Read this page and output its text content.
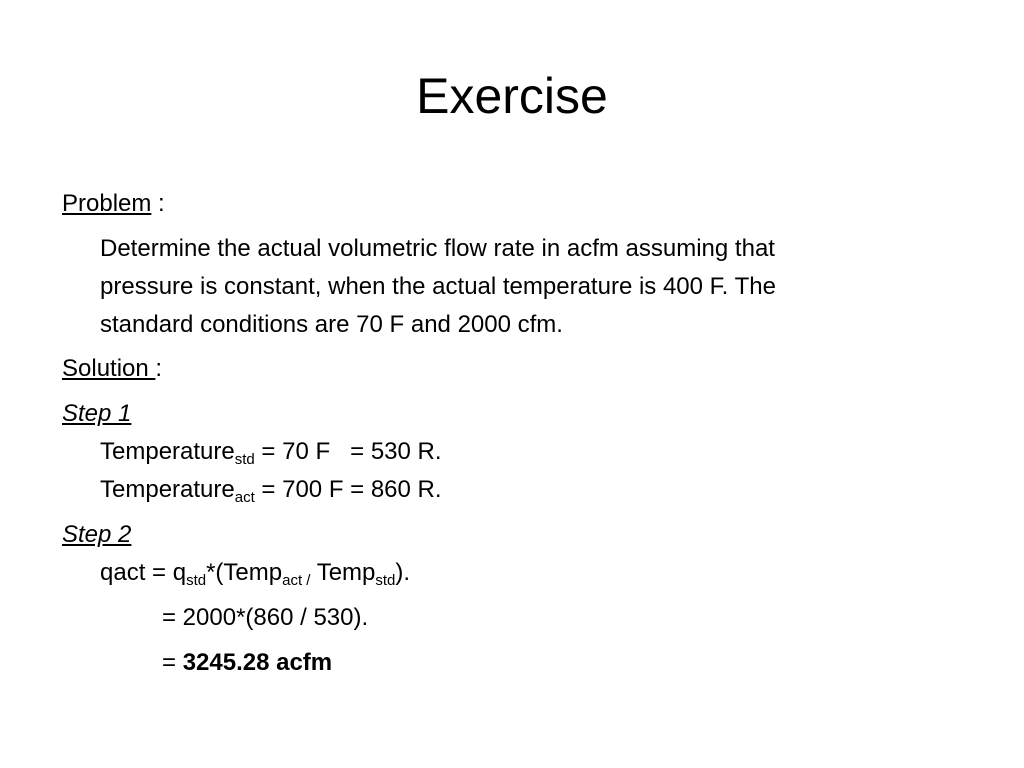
Exercise
Problem :
Determine the actual volumetric flow rate in acfm assuming that
pressure is constant, when the actual temperature is 400 F. The
standard conditions are 70 F and 2000 cfm.
Solution :
Step 1
Temperature$_{std}$ = 70 F   = 530 R.
Temperature$_{act}$ = 700 F = 860 R.
Step 2
qact = $q_{std}*(Temp_{act /}$ Temp$_{std}$).
= 2000*(860 / 530).
= 3245.28 acfm
